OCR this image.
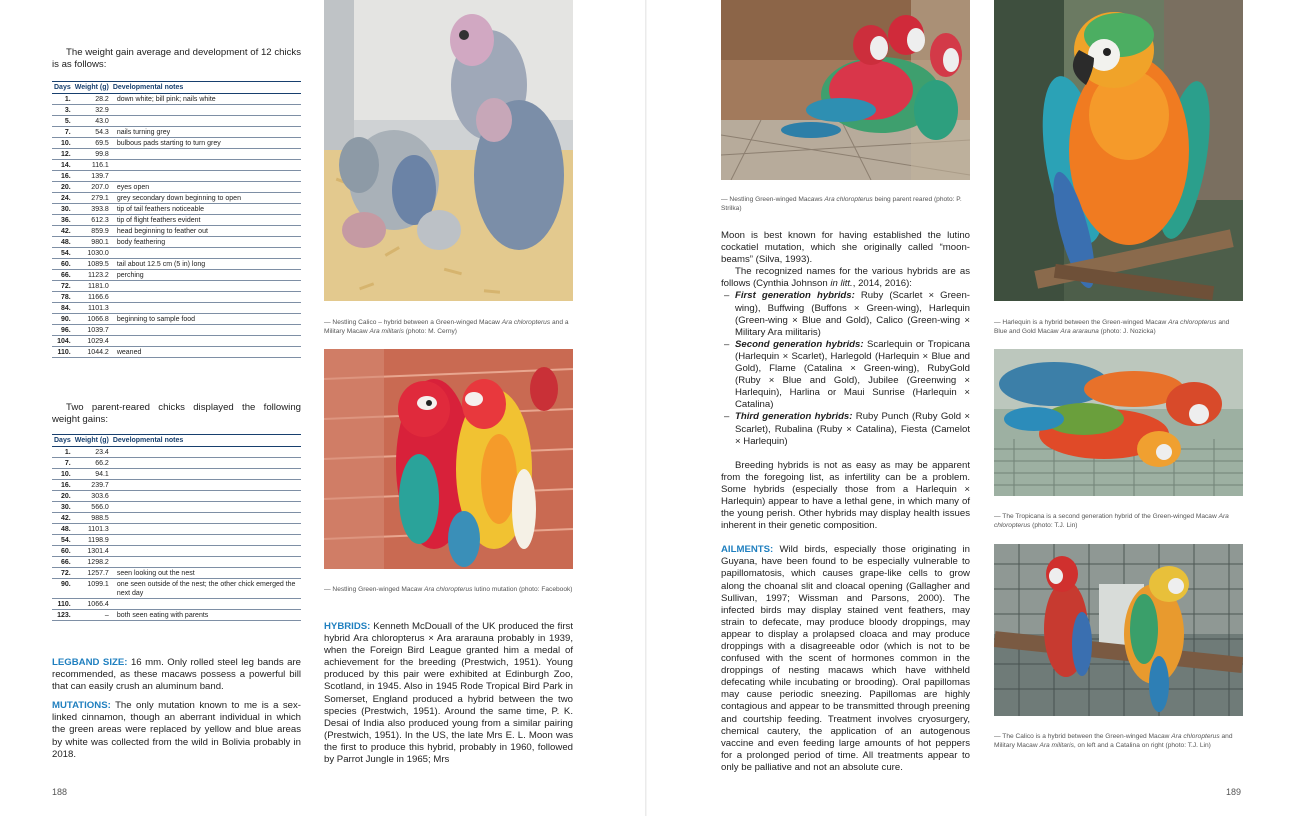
The weight gain average and development of 12 chicks is as follows:

Days	Weight (g)	Developmental notes
1.	28.2	down white; bill pink; nails white
3.	32.9	
5.	43.0	
7.	54.3	nails turning grey
10.	69.5	bulbous pads starting to turn grey
12.	99.8	
14.	116.1	
16.	139.7	
20.	207.0	eyes open
24.	279.1	grey secondary down beginning to open
30.	393.8	tip of tail feathers noticeable
36.	612.3	tip of flight feathers evident
42.	859.9	head beginning to feather out
48.	980.1	body feathering
54.	1030.0	
60.	1089.5	tail about 12.5 cm (5 in) long
66.	1123.2	perching
72.	1181.0	
78.	1166.6	
84.	1101.3	
90.	1066.8	beginning to sample food
96.	1039.7	
104.	1029.4	
110.	1044.2	weaned

Two parent-reared chicks displayed the following weight gains:

Days	Weight (g)	Developmental notes
1.	23.4	
7.	66.2	
10.	94.1	
16.	239.7	
20.	303.6	
30.	566.0	
42.	988.5	
48.	1101.3	
54.	1198.9	
60.	1301.4	
66.	1298.2	
72.	1257.7	seen looking out the nest
90.	1099.1	one seen outside of the nest; the other chick emerged the next day
110.	1066.4	
123.	–	both seen eating with parents

LEGBAND SIZE: 16 mm. Only rolled steel leg bands are recommended, as these macaws possess a powerful bill that can easily crush an aluminum band.

MUTATIONS: The only mutation known to me is a sex-linked cinnamon, though an aberrant individual in which the green areas were replaced by yellow and blue areas by white was collected from the wild in Bolivia probably in 2018.

— Nestling Calico – hybrid between a Green-winged Macaw Ara chloropterus and a Military Macaw Ara militaris (photo: M. Cerny)
— Nestling Green-winged Macaw Ara chloropterus lutino mutation (photo: Facebook)

HYBRIDS: Kenneth McDouall of the UK produced the first hybrid Ara chloropterus × Ara ararauna probably in 1939, when the Foreign Bird League granted him a medal of achievement for the breeding (Prestwich, 1951). Young produced by this pair were exhibited at Edinburgh Zoo, Scotland, in 1945. Also in 1945 Rode Tropical Bird Park in Somerset, England produced a hybrid between the two species (Prestwich, 1951). Around the same time, P. K. Desai of India also produced young from a similar pairing (Prestwich, 1951). In the US, the late Mrs E. L. Moon was the first to produce this hybrid, probably in 1960, followed by Parrot Jungle in 1965; Mrs

188
— Nestling Green-winged Macaws Ara chloropterus being parent reared (photo: P. Strilka)

Moon is best known for having established the lutino cockatiel mutation, which she originally called “moon-beams” (Silva, 1993).

The recognized names for the various hybrids are as follows (Cynthia Johnson in litt., 2014, 2016):

– First generation hybrids: Ruby (Scarlet × Green-wing), Buffwing (Buffons × Green-wing), Harlequin (Green-wing × Blue and Gold), Calico (Green-wing × Military Ara militaris)
– Second generation hybrids: Scarlequin or Tropicana (Harlequin × Scarlet), Harlegold (Harlequin × Blue and Gold), Flame (Catalina × Green-wing), RubyGold (Ruby × Blue and Gold), Jubilee (Greenwing × Harlequin), Harlina or Maui Sunrise (Harlequin × Catalina)
– Third generation hybrids: Ruby Punch (Ruby Gold × Scarlet), Rubalina (Ruby × Catalina), Fiesta (Camelot × Harlequin)

Breeding hybrids is not as easy as may be apparent from the foregoing list, as infertility can be a problem. Some hybrids (especially those from a Harlequin × Harlequin) appear to have a lethal gene, in which many of the young perish. Other hybrids may display health issues inherent in their genetic composition.

AILMENTS: Wild birds, especially those originating in Guyana, have been found to be especially vulnerable to papillomatosis, which causes grape-like cells to grow along the choanal slit and cloacal opening (Gallagher and Sullivan, 1997; Wissman and Parsons, 2000). The infected birds may display stained vent feathers, may strain to defecate, may produce bloody droppings, may appear to display a prolapsed cloaca and may produce droppings with a disagreeable odor (which is not to be confused with the scent of hormones common in the droppings of nesting macaws which have withheld defecating while incubating or brooding). Oral papillomas may cause periodic sneezing. Papillomas are highly contagious and appear to be transmitted through preening and courtship feeding. Treatment involves cryosurgery, chemical cautery, the application of an autogenous vaccine and even feeding large amounts of hot peppers for a prolonged period of time. All treatments appear to only be palliative and not an absolute cure.

— Harlequin is a hybrid between the Green-winged Macaw Ara chloropterus and Blue and Gold Macaw Ara ararauna (photo: J. Nozicka)
— The Tropicana is a second generation hybrid of the Green-winged Macaw Ara chloropterus (photo: T.J. Lin)
— The Calico is a hybrid between the Green-winged Macaw Ara chloropterus and Military Macaw Ara militaris, on left and a Catalina on right (photo: T.J. Lin)
189
